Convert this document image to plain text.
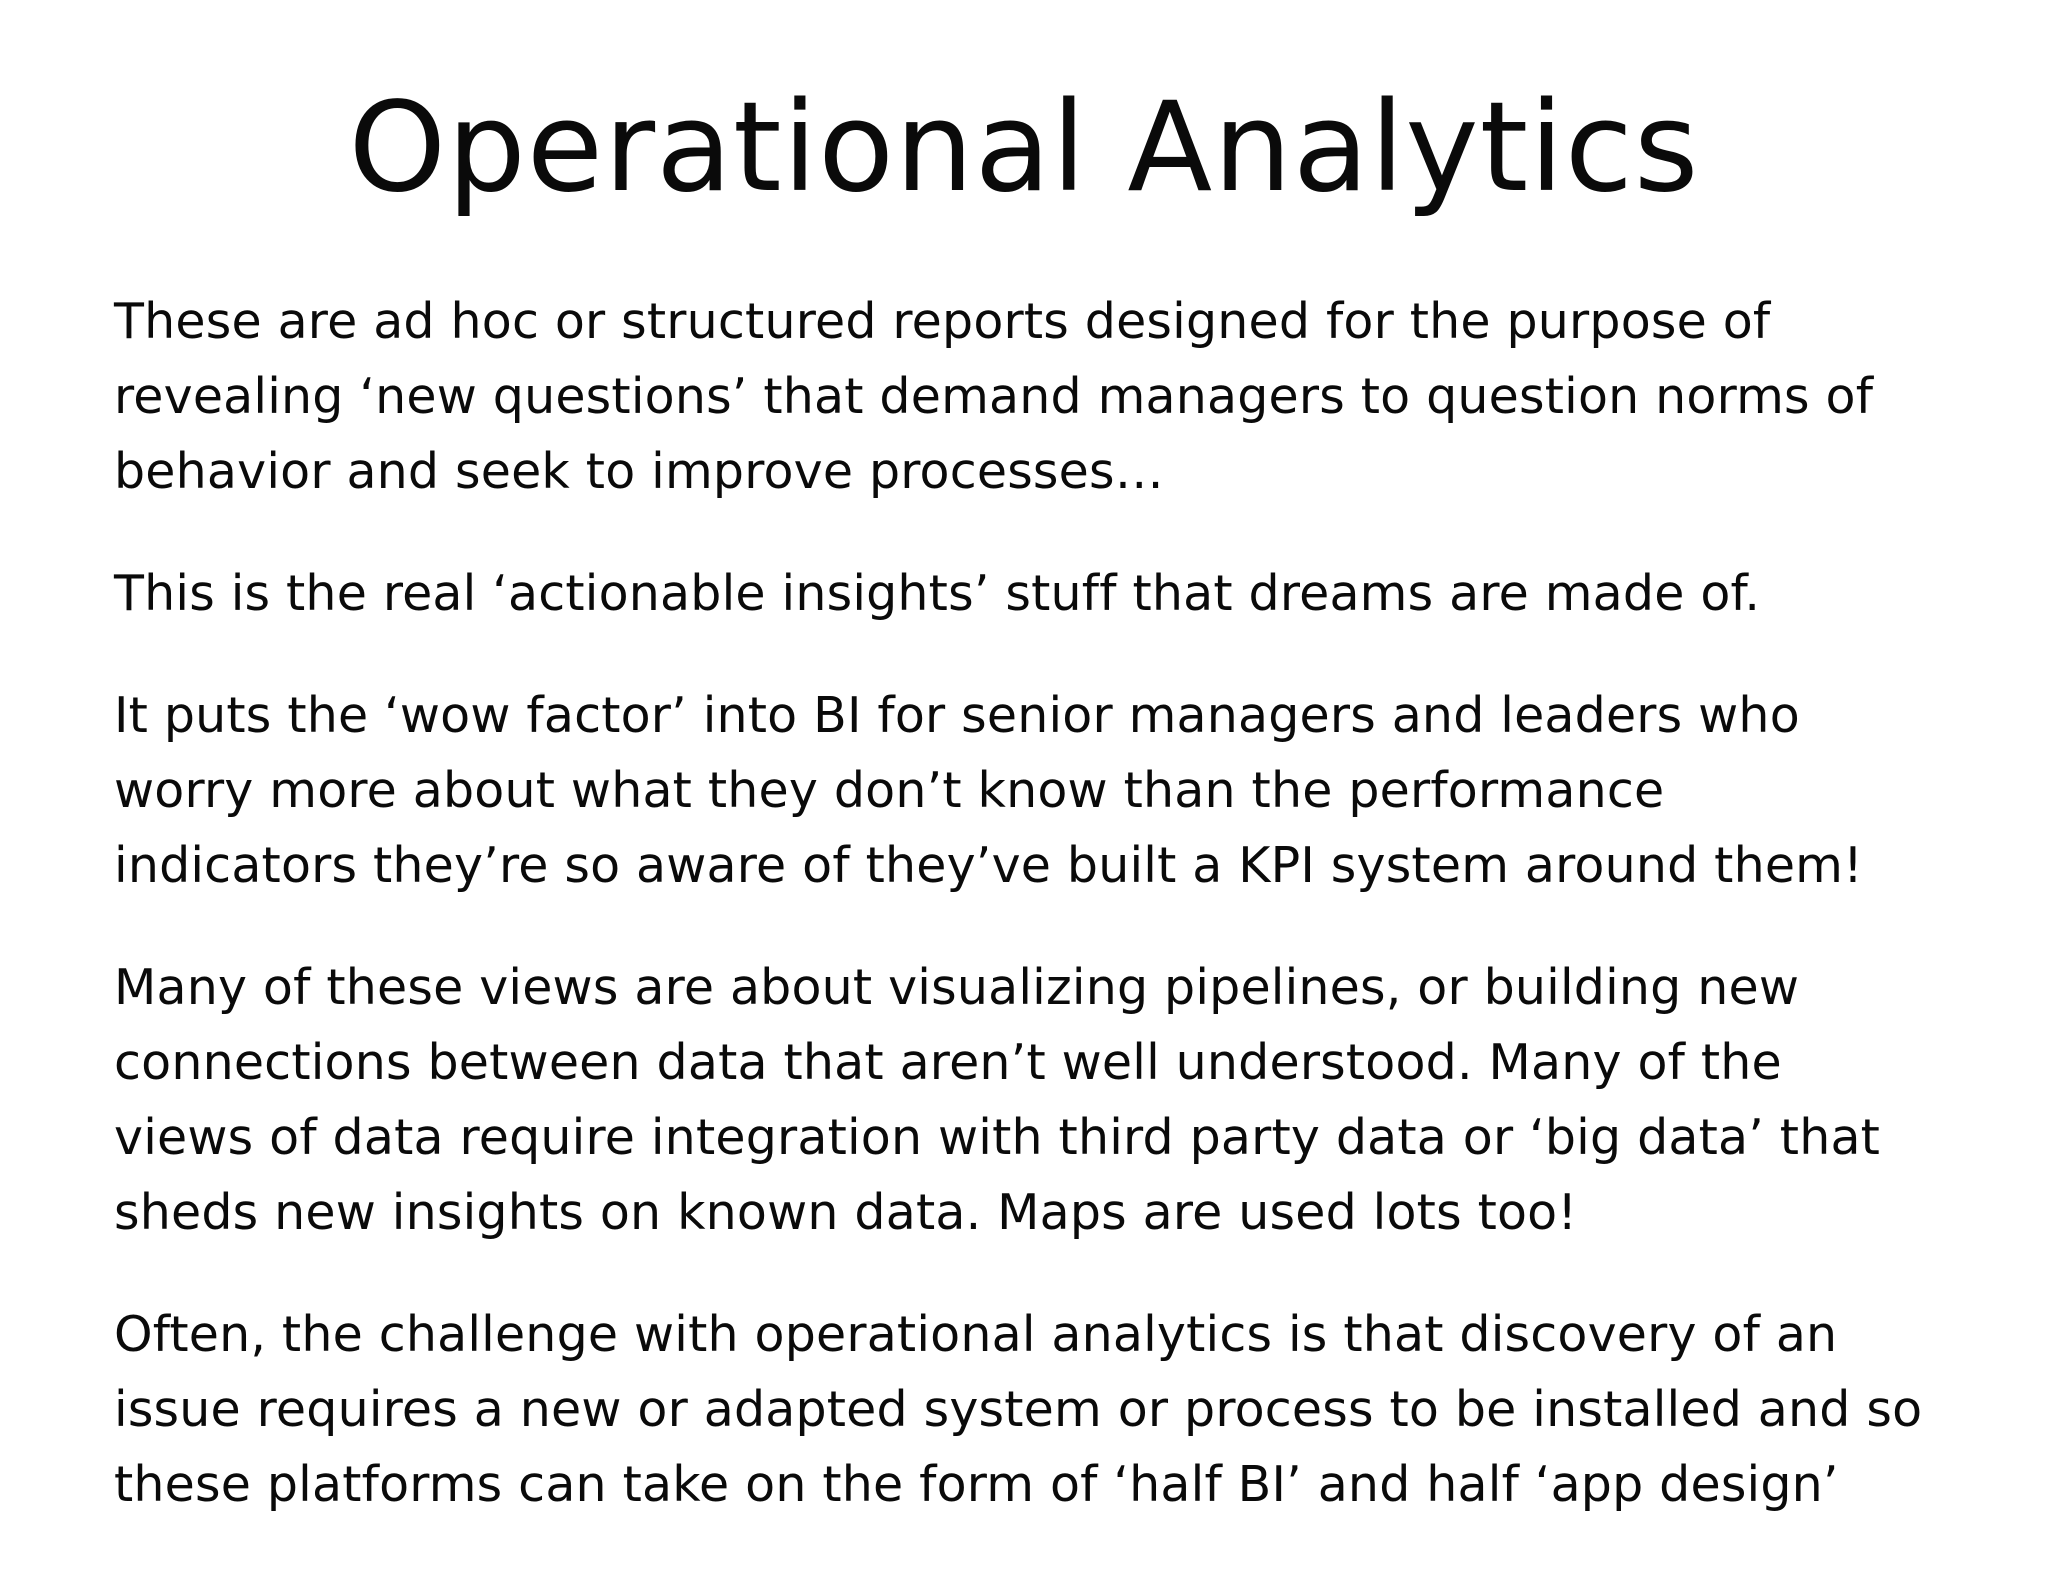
Operational Analytics

These are ad hoc or structured reports designed for the purpose of
revealing ‘new questions’ that demand managers to question norms of
behavior and seek to improve processes…

This is the real ‘actionable insights’ stuff that dreams are made of.

It puts the ‘wow factor’ into BI for senior managers and leaders who
worry more about what they don’t know than the performance
indicators they’re so aware of they’ve built a KPI system around them!

Many of these views are about visualizing pipelines, or building new
connections between data that aren’t well understood. Many of the
views of data require integration with third party data or ‘big data’ that
sheds new insights on known data. Maps are used lots too!

Often, the challenge with operational analytics is that discovery of an
issue requires a new or adapted system or process to be installed and so
these platforms can take on the form of ‘half BI’ and half ‘app design’
